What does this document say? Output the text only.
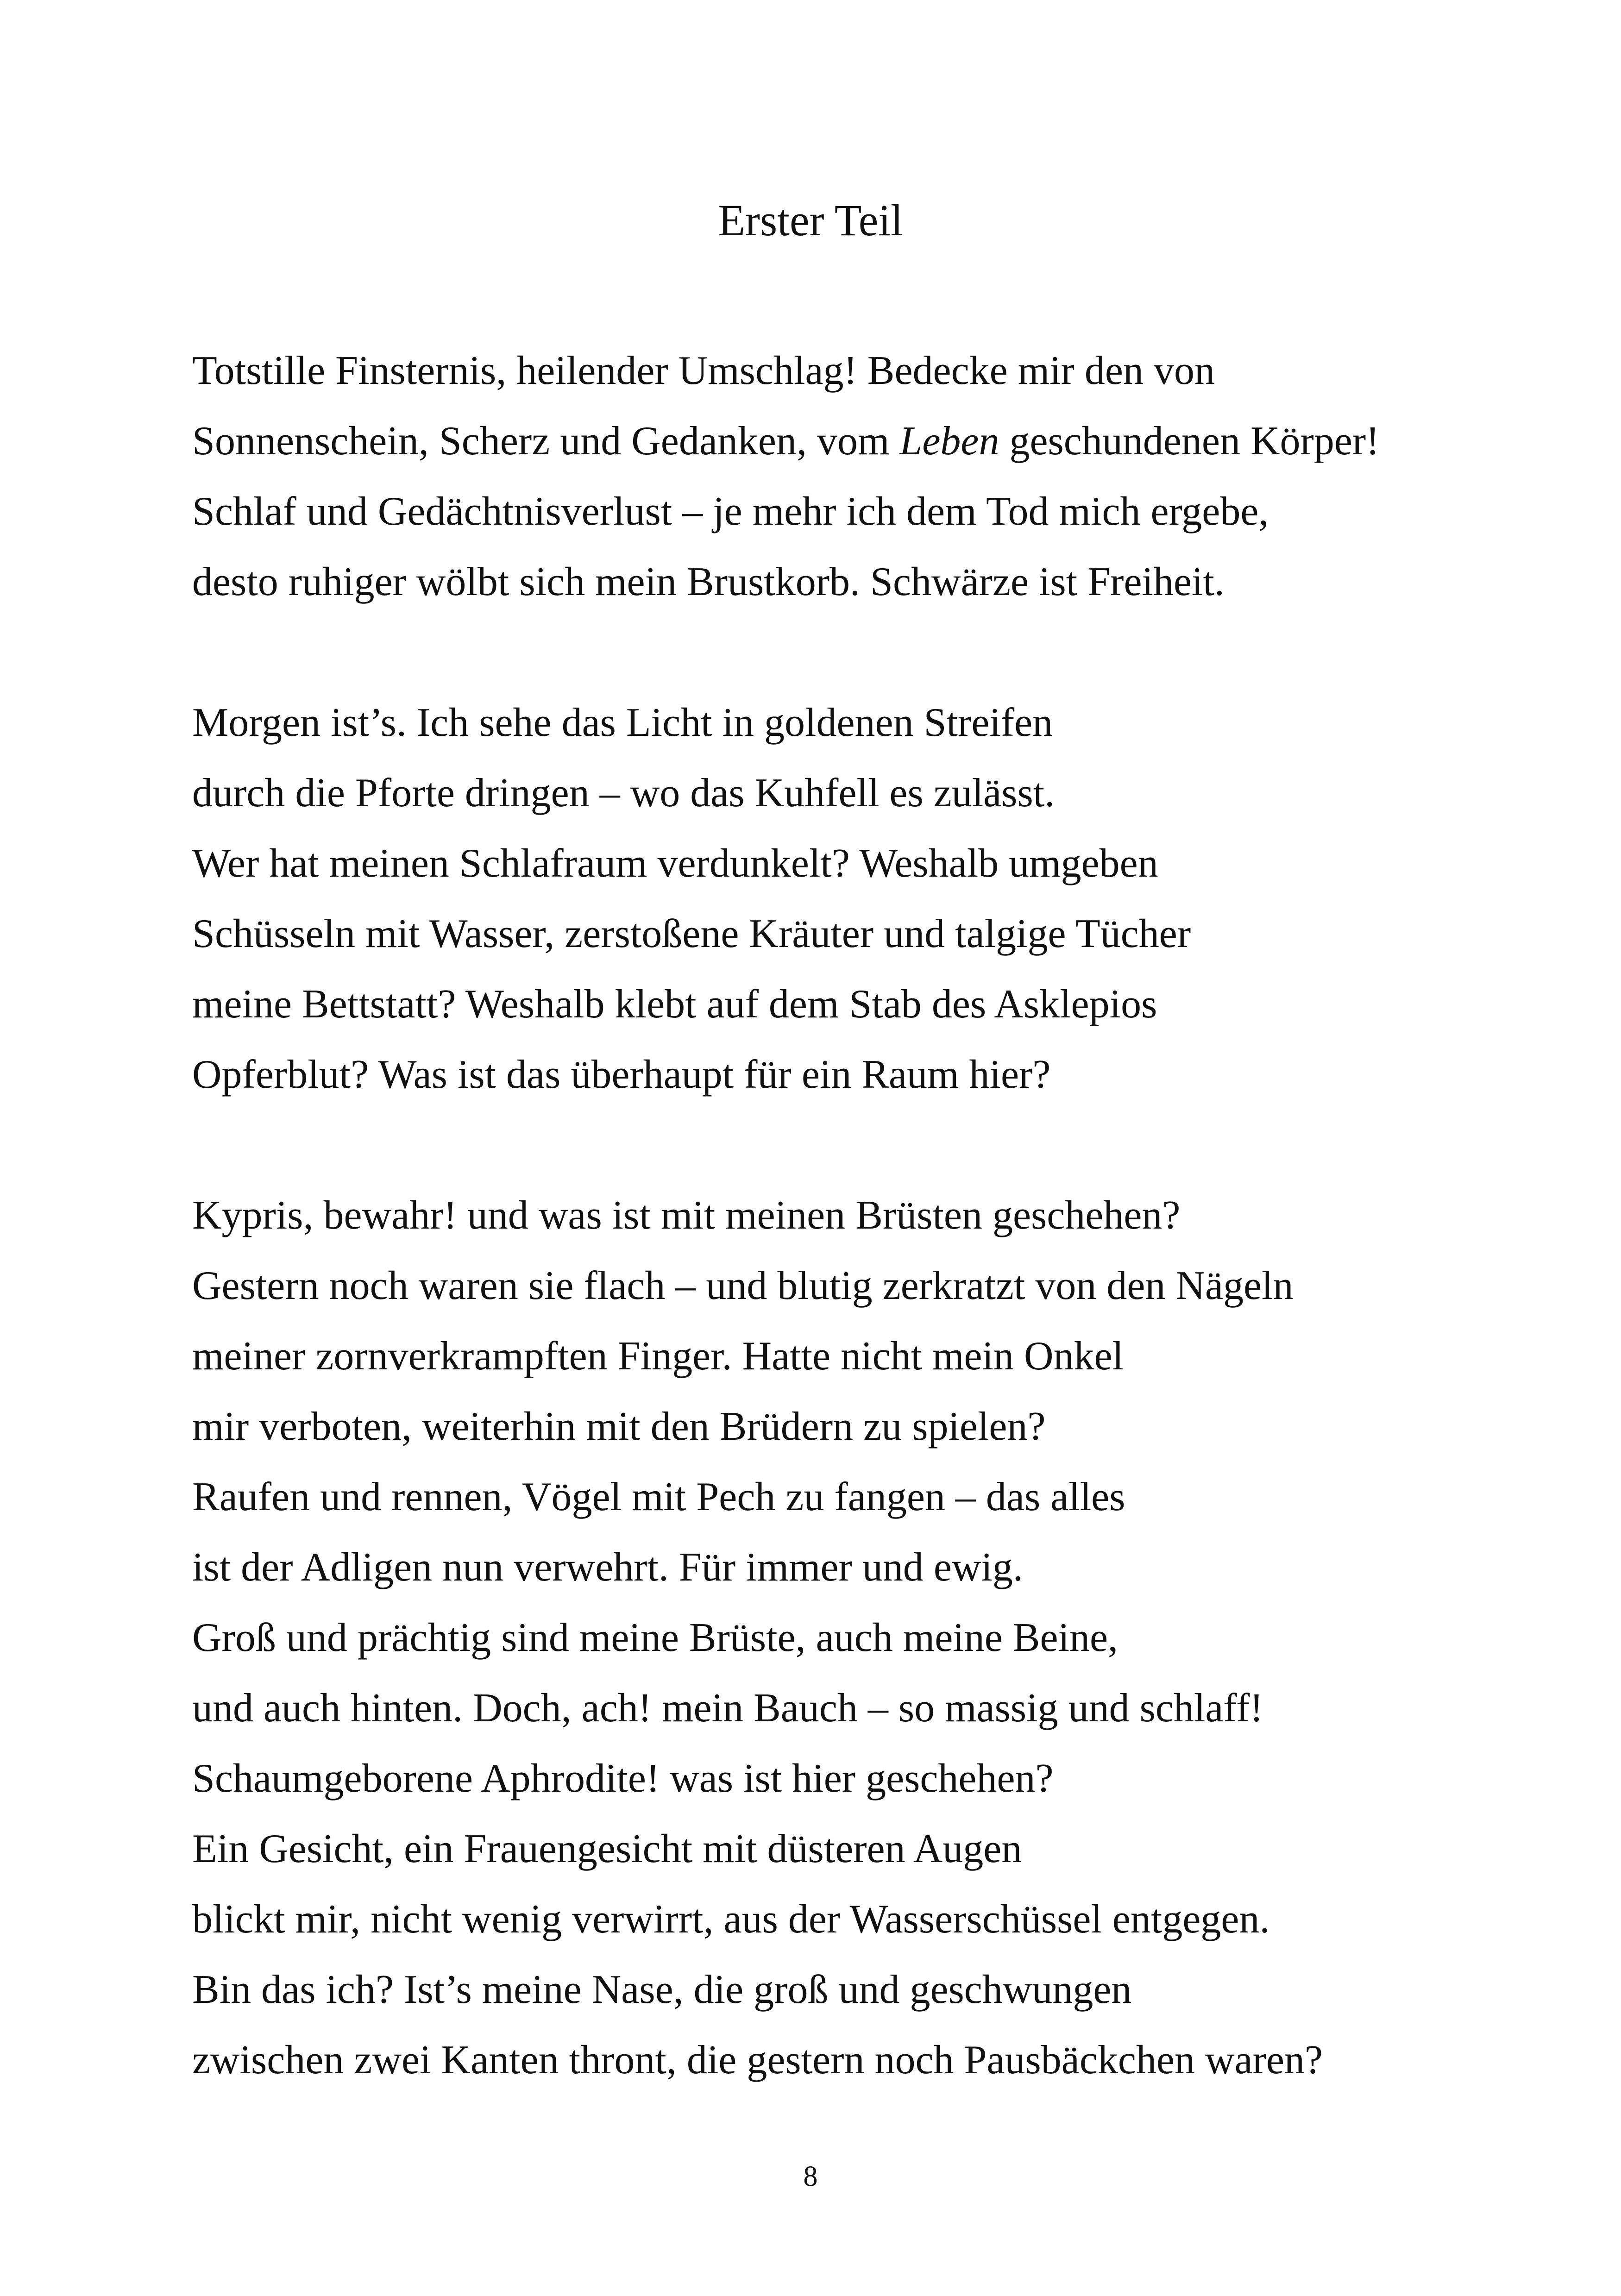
Erster Teil
Totstille Finsternis, heilender Umschlag! Bedecke mir den von
Sonnenschein, Scherz und Gedanken, vom Leben geschundenen Körper!
Schlaf und Gedächtnisverlust – je mehr ich dem Tod mich ergebe,
desto ruhiger wölbt sich mein Brustkorb. Schwärze ist Freiheit.
Morgen ist’s. Ich sehe das Licht in goldenen Streifen
durch die Pforte dringen – wo das Kuhfell es zulässt.
Wer hat meinen Schlafraum verdunkelt? Weshalb umgeben
Schüsseln mit Wasser, zerstoßene Kräuter und talgige Tücher
meine Bettstatt? Weshalb klebt auf dem Stab des Asklepios
Opferblut? Was ist das überhaupt für ein Raum hier?
Kypris, bewahr! und was ist mit meinen Brüsten geschehen?
Gestern noch waren sie flach – und blutig zerkratzt von den Nägeln
meiner zornverkrampften Finger. Hatte nicht mein Onkel
mir verboten, weiterhin mit den Brüdern zu spielen?
Raufen und rennen, Vögel mit Pech zu fangen – das alles
ist der Adligen nun verwehrt. Für immer und ewig.
Groß und prächtig sind meine Brüste, auch meine Beine,
und auch hinten. Doch, ach! mein Bauch – so massig und schlaff!
Schaumgeborene Aphrodite! was ist hier geschehen?
Ein Gesicht, ein Frauengesicht mit düsteren Augen
blickt mir, nicht wenig verwirrt, aus der Wasserschüssel entgegen.
Bin das ich? Ist’s meine Nase, die groß und geschwungen
zwischen zwei Kanten thront, die gestern noch Pausbäckchen waren?
8
